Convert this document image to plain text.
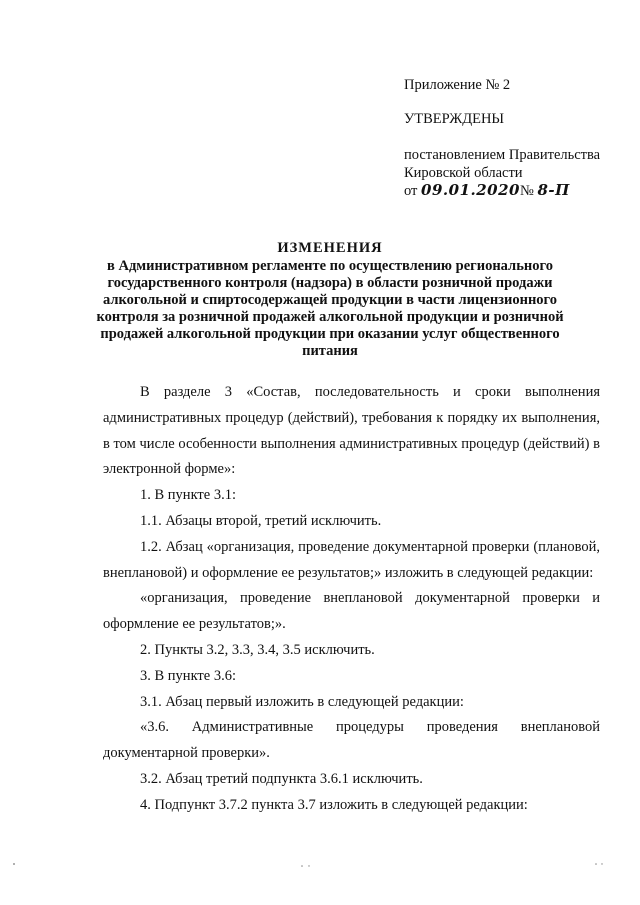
Приложение № 2
УТВЕРЖДЕНЫ
постановлением Правительства
Кировской области
от 09.01.2020№ 8-П
ИЗМЕНЕНИЯ
в Административном регламенте по осуществлению регионального государственного контроля (надзора) в области розничной продажи алкогольной и спиртосодержащей продукции в части лицензионного контроля за розничной продажей алкогольной продукции и розничной продажей алкогольной продукции при оказании услуг общественного питания

В разделе 3 «Состав, последовательность и сроки выполнения административных процедур (действий), требования к порядку их выполнения, в том числе особенности выполнения административных процедур (действий) в электронной форме»:

1. В пункте 3.1:

1.1. Абзацы второй, третий исключить.

1.2. Абзац «организация, проведение документарной проверки (плановой, внеплановой) и оформление ее результатов;» изложить в следующей редакции:

«организация, проведение внеплановой документарной проверки и оформление ее результатов;».

2. Пункты 3.2, 3.3, 3.4, 3.5 исключить.

3. В пункте 3.6:

3.1. Абзац первый изложить в следующей редакции:

«3.6. Административные процедуры проведения внеплановой документарной проверки».

3.2. Абзац третий подпункта 3.6.1 исключить.

4. Подпункт 3.7.2 пункта 3.7 изложить в следующей редакции:
